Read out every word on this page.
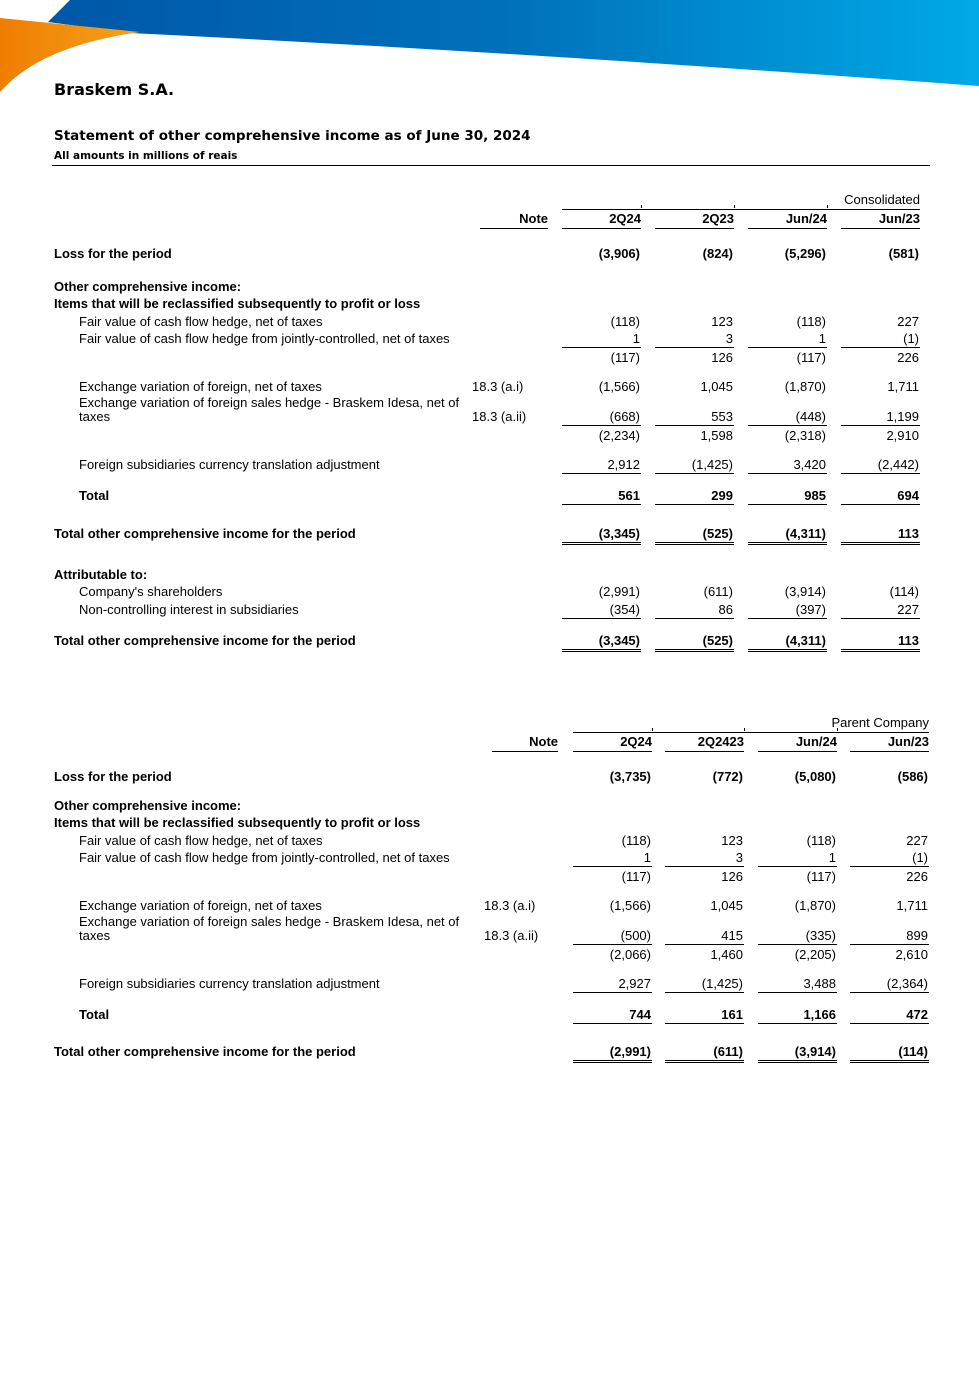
Braskem S.A.
Statement of other comprehensive income as of June 30, 2024
All amounts in millions of reais
Consolidated
Note	2Q24	2Q23	Jun/24	Jun/23
Loss for the period	(3,906)	(824)	(5,296)	(581)
Other comprehensive income:
Items that will be reclassified subsequently to profit or loss
Fair value of cash flow hedge, net of taxes	(118)	123	(118)	227
Fair value of cash flow hedge from jointly-controlled, net of taxes	1	3	1	(1)
(117)	126	(117)	226
Exchange variation of foreign, net of taxes	18.3 (a.i)	(1,566)	1,045	(1,870)	1,711
Exchange variation of foreign sales hedge - Braskem Idesa, net of
taxes	18.3 (a.ii)	(668)	553	(448)	1,199
(2,234)	1,598	(2,318)	2,910
Foreign subsidiaries currency translation adjustment	2,912	(1,425)	3,420	(2,442)
Total	561	299	985	694
Total other comprehensive income for the period	(3,345)	(525)	(4,311)	113
Attributable to:
Company's shareholders	(2,991)	(611)	(3,914)	(114)
Non-controlling interest in subsidiaries	(354)	86	(397)	227
Total other comprehensive income for the period	(3,345)	(525)	(4,311)	113
Parent Company
Note	2Q24	2Q2423	Jun/24	Jun/23
Loss for the period	(3,735)	(772)	(5,080)	(586)
Other comprehensive income:
Items that will be reclassified subsequently to profit or loss
Fair value of cash flow hedge, net of taxes	(118)	123	(118)	227
Fair value of cash flow hedge from jointly-controlled, net of taxes	1	3	1	(1)
(117)	126	(117)	226
Exchange variation of foreign, net of taxes	18.3 (a.i)	(1,566)	1,045	(1,870)	1,711
Exchange variation of foreign sales hedge - Braskem Idesa, net of
taxes	18.3 (a.ii)	(500)	415	(335)	899
(2,066)	1,460	(2,205)	2,610
Foreign subsidiaries currency translation adjustment	2,927	(1,425)	3,488	(2,364)
Total	744	161	1,166	472
Total other comprehensive income for the period	(2,991)	(611)	(3,914)	(114)
